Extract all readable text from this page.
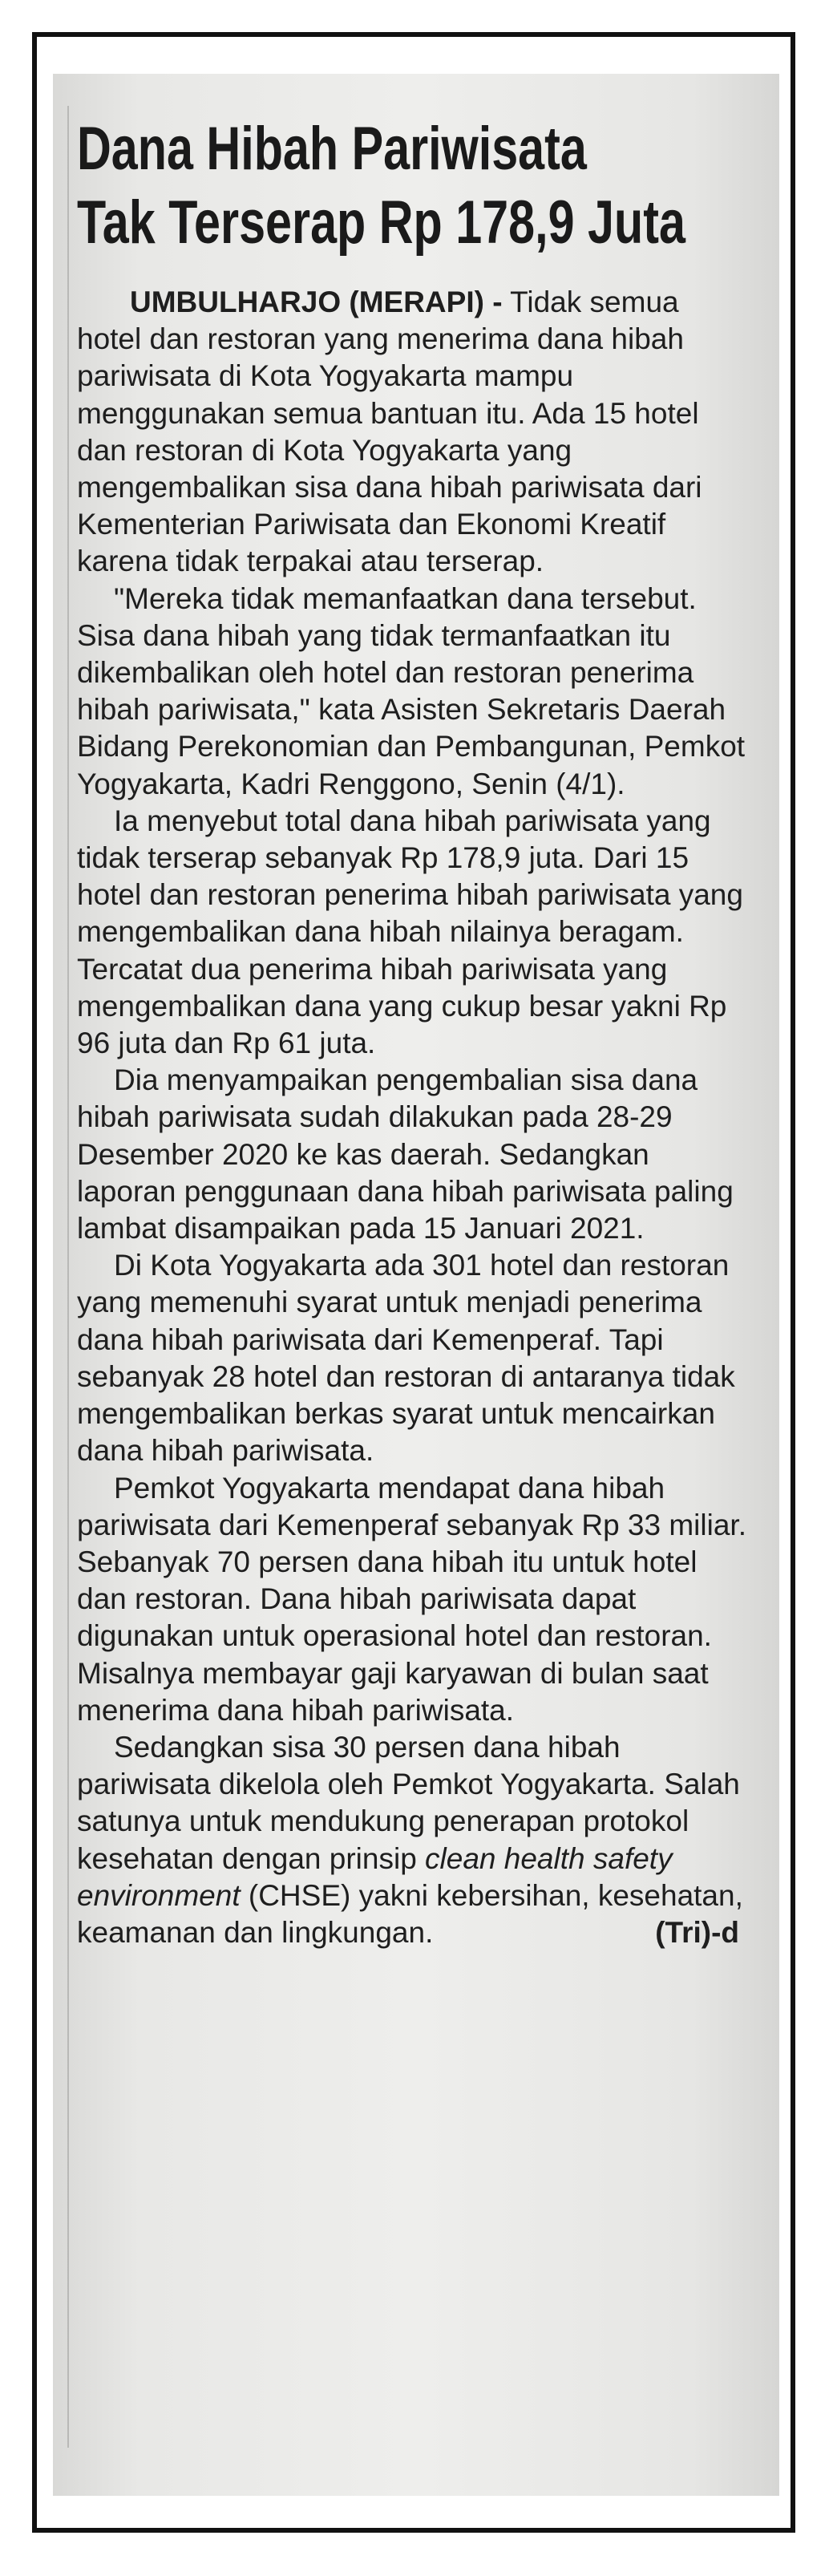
Dana Hibah Pariwisata
Tak Terserap Rp 178,9 Juta

UMBULHARJO (MERAPI) - Tidak semua hotel dan restoran yang menerima dana hibah pariwisata di Kota Yogyakarta mampu menggunakan semua bantuan itu. Ada 15 hotel dan restoran di Kota Yogyakarta yang mengembalikan sisa dana hibah pariwisata dari Kementerian Pariwisata dan Ekonomi Kreatif karena tidak terpakai atau terserap.

"Mereka tidak memanfaatkan dana tersebut. Sisa dana hibah yang tidak termanfaatkan itu dikembalikan oleh hotel dan restoran penerima hibah pariwisata," kata Asisten Sekretaris Daerah Bidang Perekonomian dan Pembangunan, Pemkot Yogyakarta, Kadri Renggono, Senin (4/1).

Ia menyebut total dana hibah pariwisata yang tidak terserap sebanyak Rp 178,9 juta. Dari 15 hotel dan restoran penerima hibah pariwisata yang mengembalikan dana hibah nilainya beragam. Tercatat dua penerima hibah pariwisata yang mengembalikan dana yang cukup besar yakni Rp 96 juta dan Rp 61 juta.

Dia menyampaikan pengembalian sisa dana hibah pariwisata sudah dilakukan pada 28-29 Desember 2020 ke kas daerah. Sedangkan laporan penggunaan dana hibah pariwisata paling lambat disampaikan pada 15 Januari 2021.

Di Kota Yogyakarta ada 301 hotel dan restoran yang memenuhi syarat untuk menjadi penerima dana hibah pariwisata dari Kemenperaf. Tapi sebanyak 28 hotel dan restoran di antaranya tidak mengembalikan berkas syarat untuk mencairkan dana hibah pariwisata.

Pemkot Yogyakarta mendapat dana hibah pariwisata dari Kemenperaf sebanyak Rp 33 miliar. Sebanyak 70 persen dana hibah itu untuk hotel dan restoran. Dana hibah pariwisata dapat digunakan untuk operasional hotel dan restoran. Misalnya membayar gaji karyawan di bulan saat menerima dana hibah pariwisata.

Sedangkan sisa 30 persen dana hibah pariwisata dikelola oleh Pemkot Yogyakarta. Salah satunya untuk mendukung penerapan protokol kesehatan dengan prinsip clean health safety environment (CHSE) yakni kebersihan, kesehatan, keamanan dan lingkungan.	(Tri)-d
